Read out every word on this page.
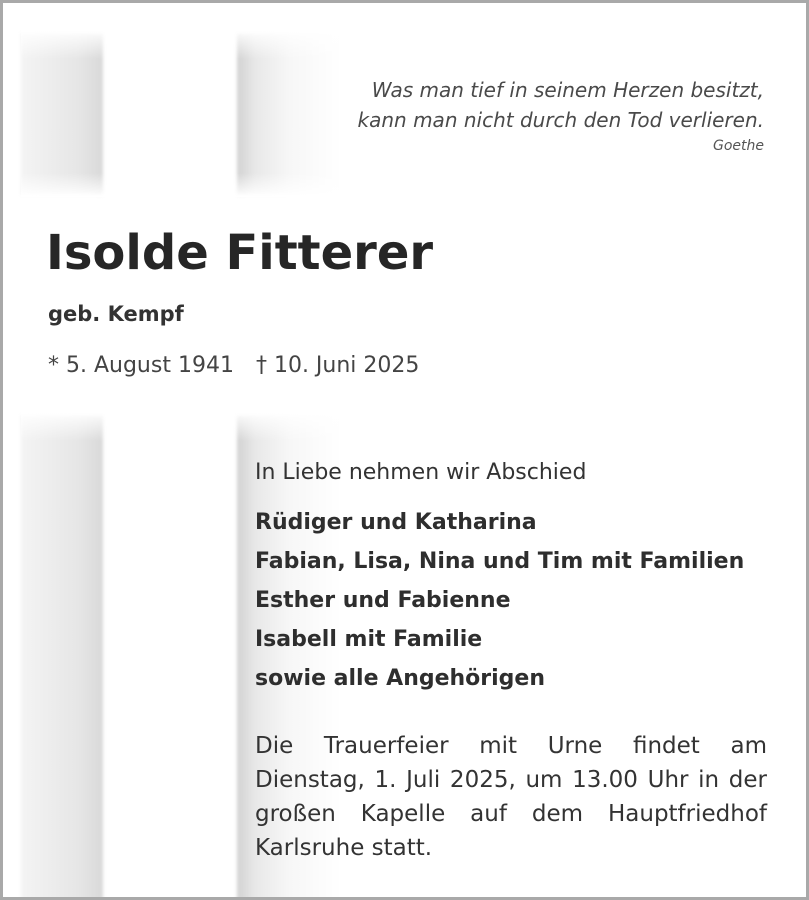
Was man tief in seinem Herzen besitzt,
kann man nicht durch den Tod verlieren.
Goethe
Isolde Fitterer
geb. Kempf
* 5. August 1941 † 10. Juni 2025
In Liebe nehmen wir Abschied
Rüdiger und Katharina
Fabian, Lisa, Nina und Tim mit Familien
Esther und Fabienne
Isabell mit Familie
sowie alle Angehörigen
Die Trauerfeier mit Urne findet am Dienstag, 1. Juli 2025, um 13.00 Uhr in der großen Kapelle auf dem Hauptfriedhof Karlsruhe statt.
